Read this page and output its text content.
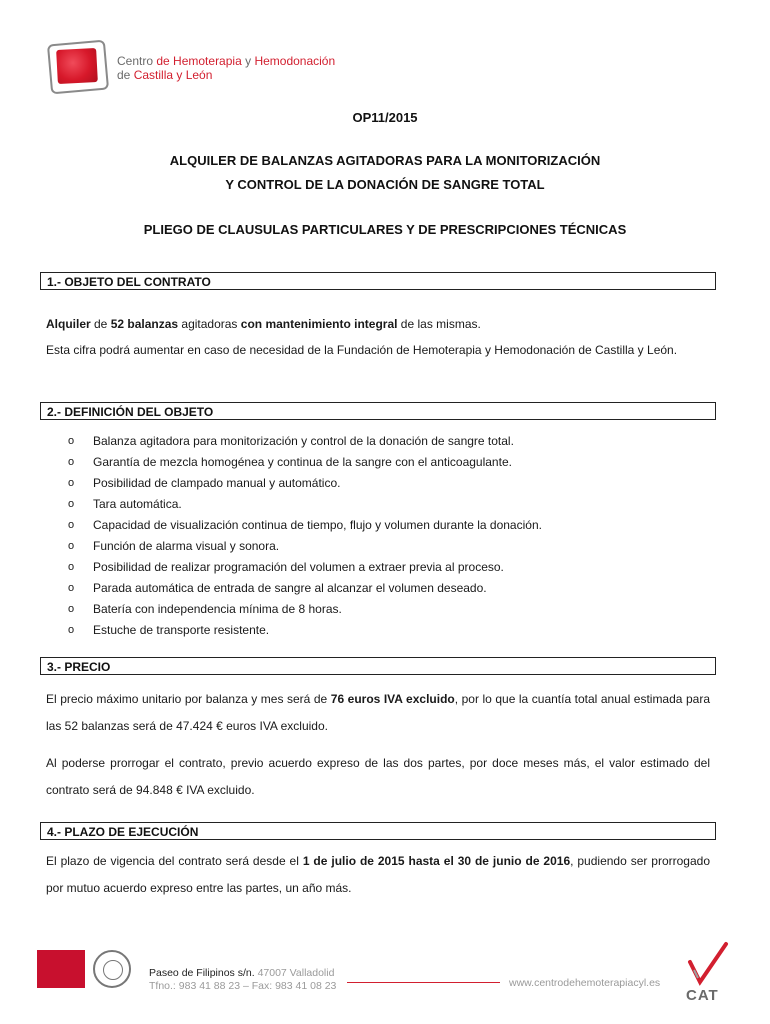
Centro de Hemoterapia y Hemodonación
de Castilla y León
OP11/2015
ALQUILER DE BALANZAS AGITADORAS PARA LA MONITORIZACIÓN
Y CONTROL DE LA DONACIÓN DE SANGRE TOTAL
PLIEGO DE CLAUSULAS PARTICULARES Y DE PRESCRIPCIONES TÉCNICAS
1.- OBJETO DEL CONTRATO
Alquiler de 52 balanzas agitadoras con mantenimiento integral de las mismas.
Esta cifra podrá aumentar en caso de necesidad de la Fundación de Hemoterapia y Hemodonación de Castilla y León.
2.- DEFINICIÓN DEL OBJETO
o Balanza agitadora para monitorización y control de la donación de sangre total.
o Garantía de mezcla homogénea y continua de la sangre con el anticoagulante.
o Posibilidad de clampado manual y automático.
o Tara automática.
o Capacidad de visualización continua de tiempo, flujo y volumen durante la donación.
o Función de alarma visual y sonora.
o Posibilidad de realizar programación del volumen a extraer previa al proceso.
o Parada automática de entrada de sangre al alcanzar el volumen deseado.
o Batería con independencia mínima de 8 horas.
o Estuche de transporte resistente.
3.- PRECIO
El precio máximo unitario por balanza y mes será de 76 euros IVA excluido, por lo que la cuantía total anual estimada para las 52 balanzas será de 47.424 € euros IVA excluido.
Al poderse prorrogar el contrato, previo acuerdo expreso de las dos partes, por doce meses más, el valor estimado del contrato será de 94.848 € IVA excluido.
4.- PLAZO DE EJECUCIÓN
El plazo de vigencia del contrato será desde el 1 de julio de 2015 hasta el 30 de junio de 2016, pudiendo ser prorrogado por mutuo acuerdo expreso entre las partes, un año más.
Paseo de Filipinos s/n. 47007 Valladolid
Tfno.: 983 41 88 23 – Fax: 983 41 08 23	www.centrodehemoterapiacyl.es
CAT
